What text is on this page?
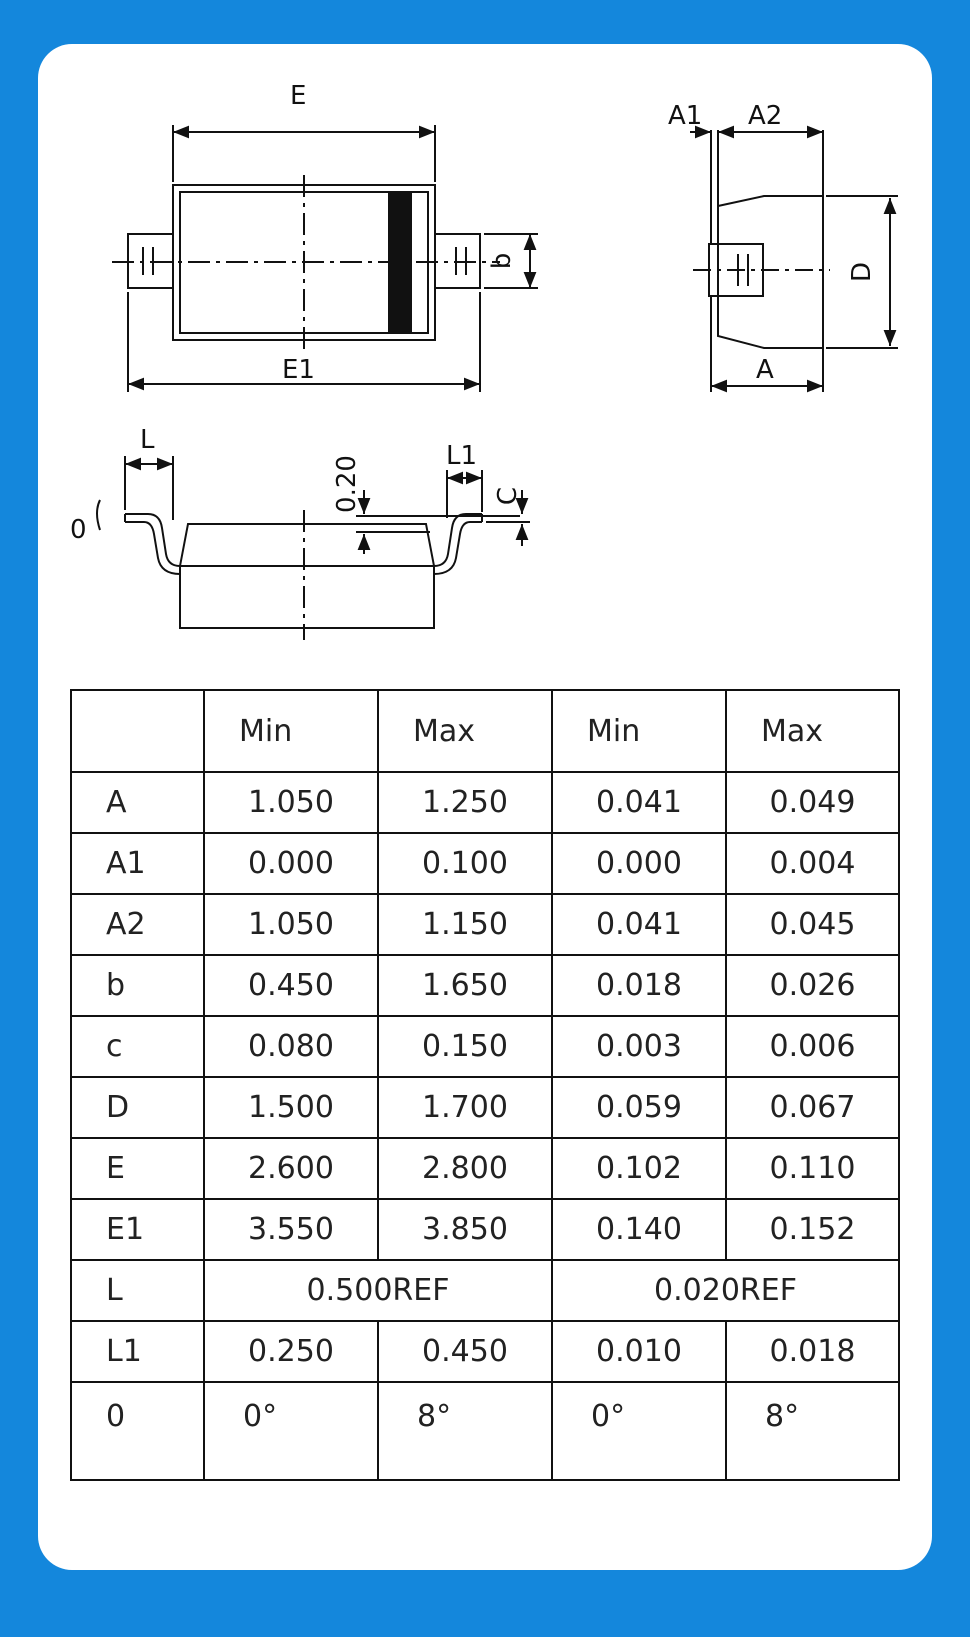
E
E1
b
A1 A2
D
A
L
L1
0.20	C
0
	Min	Max	Min	Max
A	1.050	1.250	0.041	0.049
A1	0.000	0.100	0.000	0.004
A2	1.050	1.150	0.041	0.045
b	0.450	1.650	0.018	0.026
c	0.080	0.150	0.003	0.006
D	1.500	1.700	0.059	0.067
E	2.600	2.800	0.102	0.110
E1	3.550	3.850	0.140	0.152
L	0.500REF		0.020REF	
L1	0.250	0.450	0.010	0.018
0	0°	8°	0°	8°
